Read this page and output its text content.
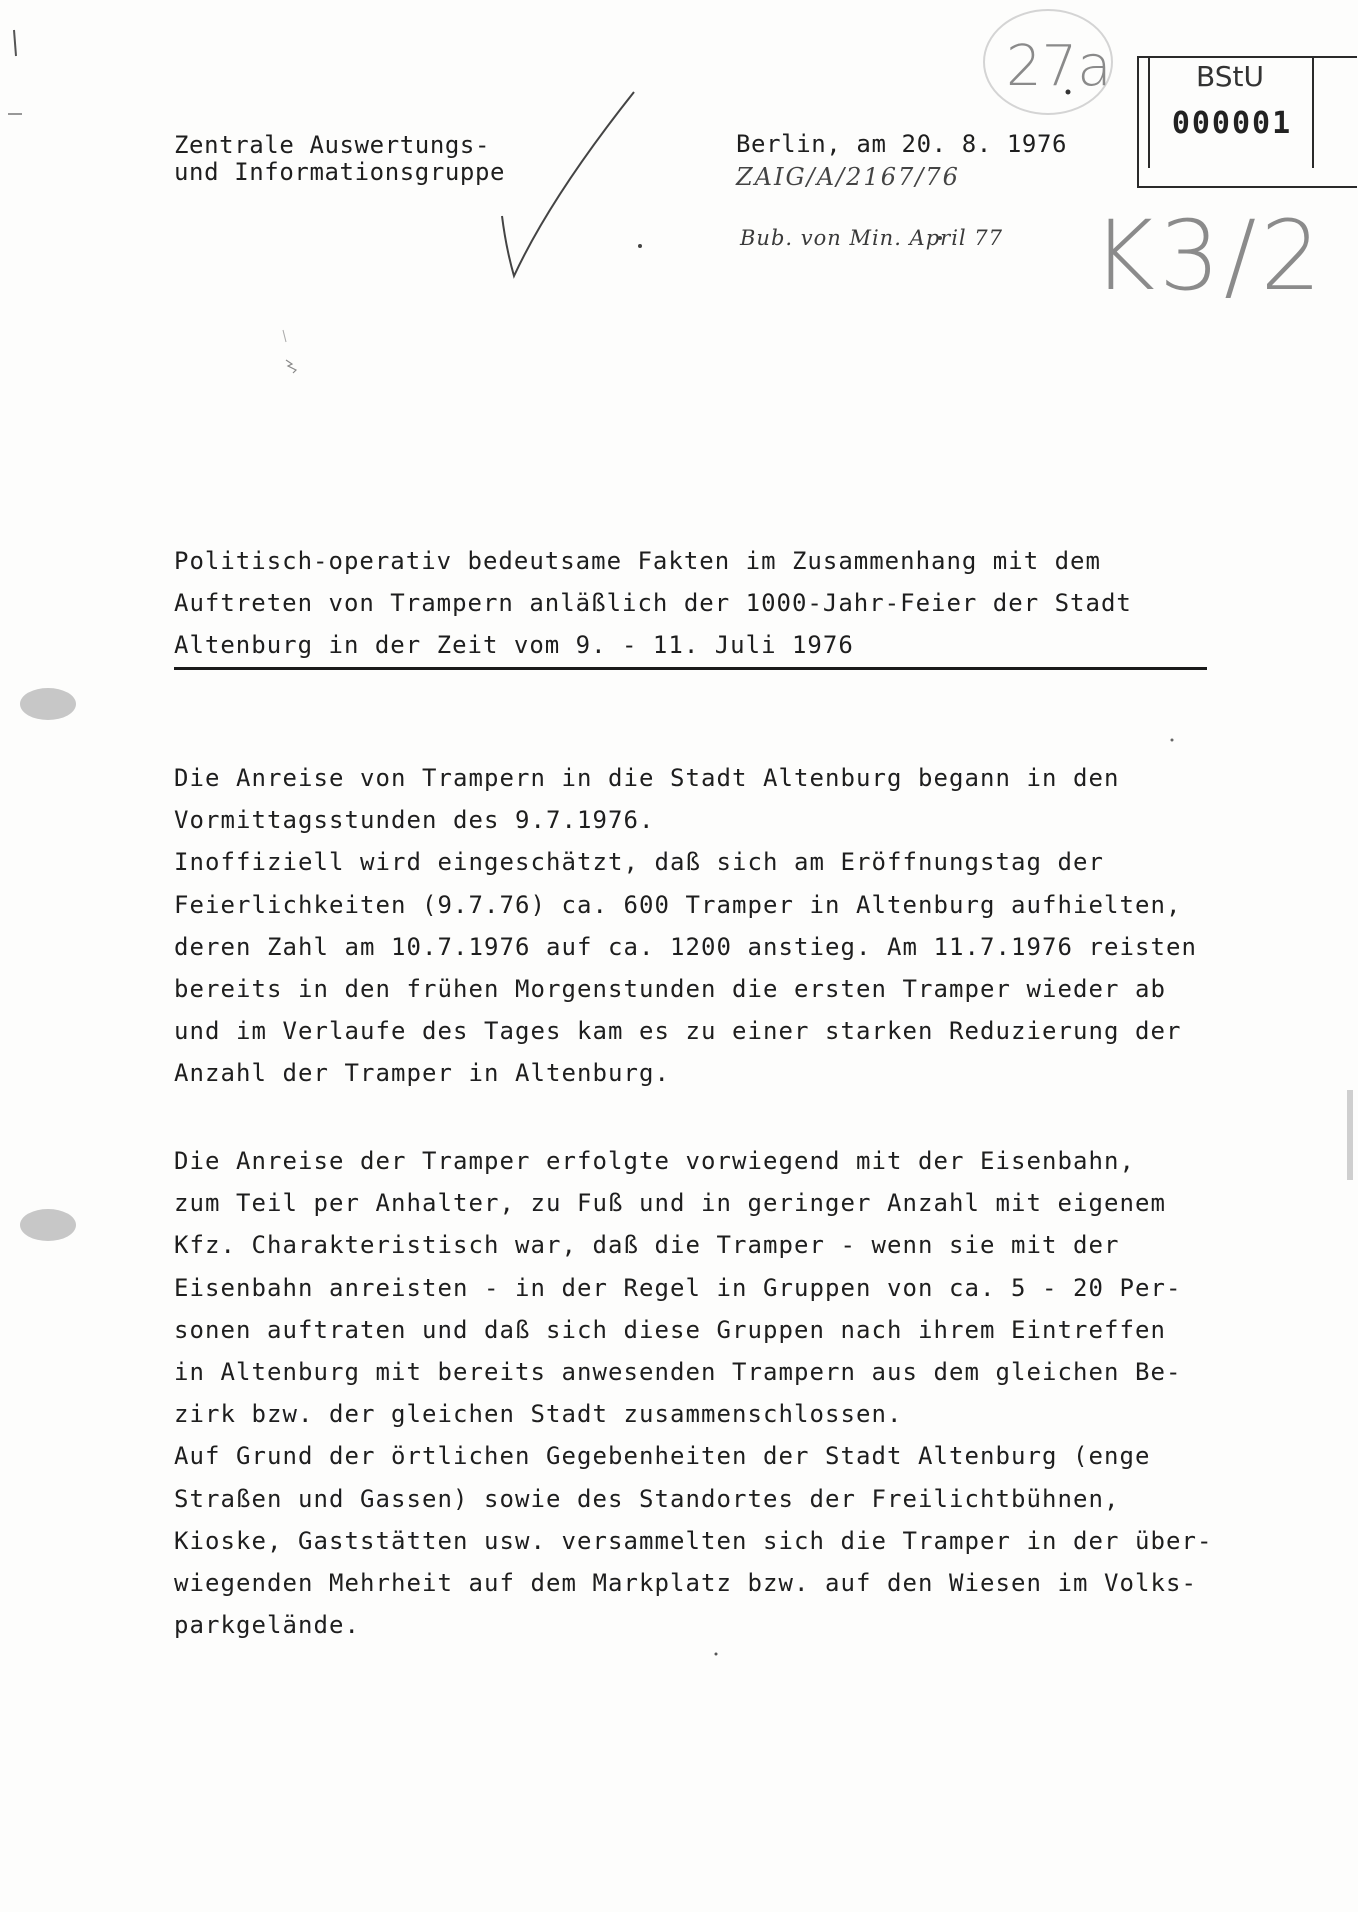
Zentrale Auswertungs-
und Informationsgruppe
Berlin, am 20. 8. 1976
ZAIG/A/2167/76
Bub. von Min. April 77
27a
K3/2
BStU
000001
Politisch-operativ bedeutsame Fakten im Zusammenhang mit dem
Auftreten von Trampern anläßlich der 1000-Jahr-Feier der Stadt
Altenburg in der Zeit vom 9. - 11. Juli 1976
Die Anreise von Trampern in die Stadt Altenburg begann in den
Vormittagsstunden des 9.7.1976.
Inoffiziell wird eingeschätzt, daß sich am Eröffnungstag der
Feierlichkeiten (9.7.76) ca. 600 Tramper in Altenburg aufhielten,
deren Zahl am 10.7.1976 auf ca. 1200 anstieg. Am 11.7.1976 reisten
bereits in den frühen Morgenstunden die ersten Tramper wieder ab
und im Verlaufe des Tages kam es zu einer starken Reduzierung der
Anzahl der Tramper in Altenburg.
Die Anreise der Tramper erfolgte vorwiegend mit der Eisenbahn,
zum Teil per Anhalter, zu Fuß und in geringer Anzahl mit eigenem
Kfz. Charakteristisch war, daß die Tramper - wenn sie mit der
Eisenbahn anreisten - in der Regel in Gruppen von ca. 5 - 20 Per-
sonen auftraten und daß sich diese Gruppen nach ihrem Eintreffen
in Altenburg mit bereits anwesenden Trampern aus dem gleichen Be-
zirk bzw. der gleichen Stadt zusammenschlossen.
Auf Grund der örtlichen Gegebenheiten der Stadt Altenburg (enge
Straßen und Gassen) sowie des Standortes der Freilichtbühnen,
Kioske, Gaststätten usw. versammelten sich die Tramper in der über-
wiegenden Mehrheit auf dem Markplatz bzw. auf den Wiesen im Volks-
parkgelände.
